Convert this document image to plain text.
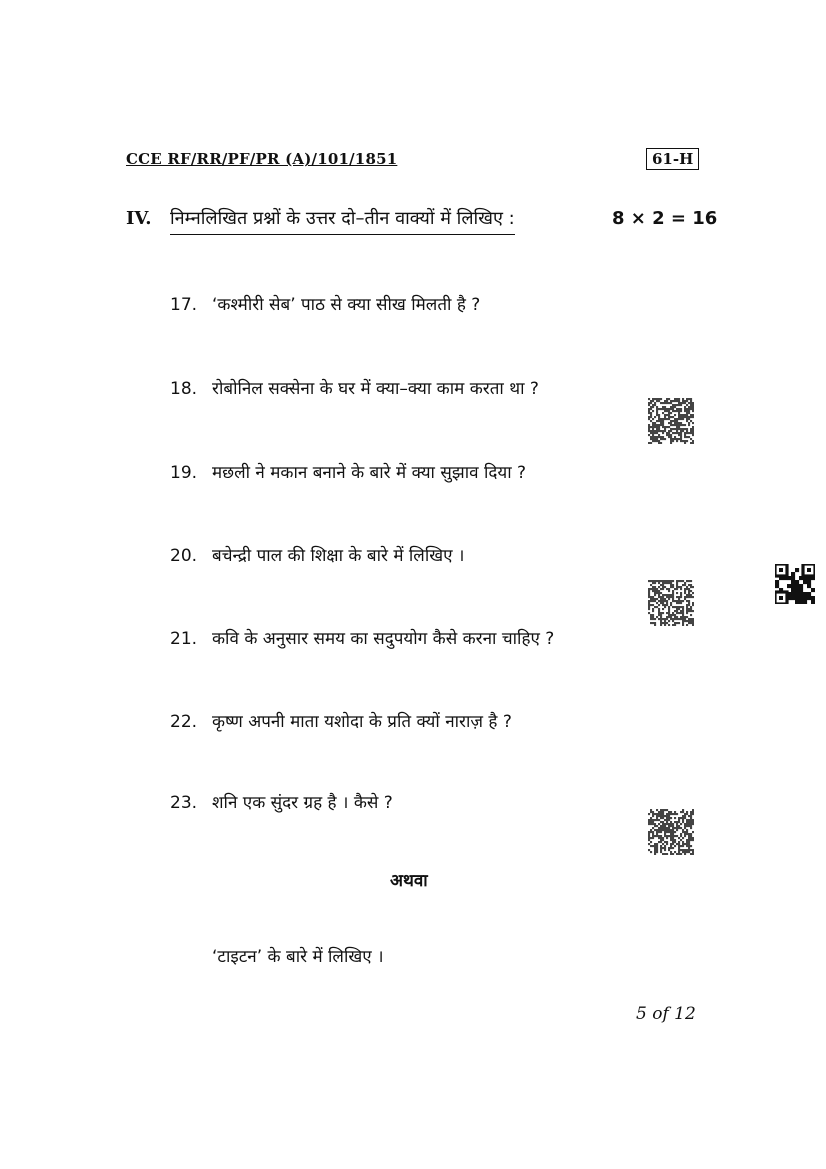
CCE RF/RR/PF/PR (A)/101/1851	61-H
IV. निम्नलिखित प्रश्नों के उत्तर दो–तीन वाक्यों में लिखिए :	8 × 2 = 16
17. ‘कश्मीरी सेब’ पाठ से क्या सीख मिलती है ?
18. रोबोनिल सक्सेना के घर में क्या–क्या काम करता था ?
19. मछली ने मकान बनाने के बारे में क्या सुझाव दिया ?
20. बचेन्द्री पाल की शिक्षा के बारे में लिखिए ।
21. कवि के अनुसार समय का सदुपयोग कैसे करना चाहिए ?
22. कृष्ण अपनी माता यशोदा के प्रति क्यों नाराज़ है ?
23. शनि एक सुंदर ग्रह है । कैसे ?
अथवा
‘टाइटन’ के बारे में लिखिए ।
5 of 12
